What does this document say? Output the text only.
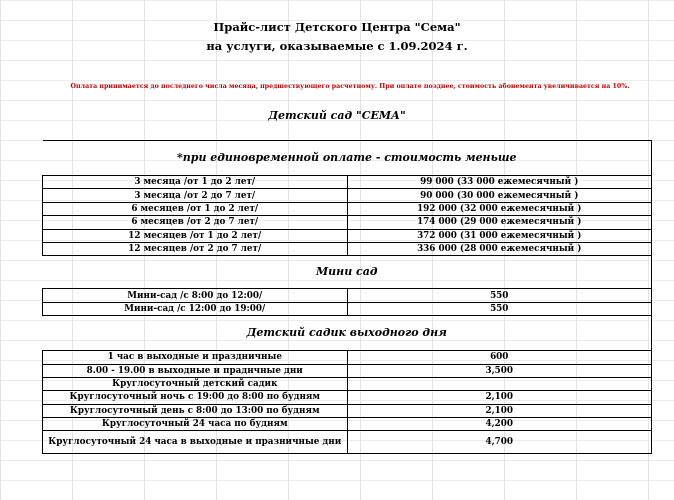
Прайс-лист Детского Центра "Сема"
на услуги, оказываемые с 1.09.2024 г.
Оплата принимается до последнего числа месяца, предшествующего расчетному. При оплате позднее, стоимость абонемента увеличивается на 10%.
Детский сад "СЕМА"
*при единовременной оплате - стоимость меньше	
3 месяца /от 1 до 2 лет/	99 000 (33 000 ежемесячный )
3 месяца /от 2 до 7 лет/	90 000 (30 000 ежемесячный )
6 месяцев /от 1 до 2 лет/	192 000 (32 000 ежемесячный )
6 месяцев /от 2 до 7 лет/	174 000 (29 000 ежемесячный )
12 месяцев /от 1 до 2 лет/	372 000 (31 000 ежемесячный )
12 месяцев /от 2 до 7 лет/	336 000 (28 000 ежемесячный )
Мини сад	
Мини-сад /с 8:00 до 12:00/	550
Мини-сад /с 12:00 до 19:00/	550
Детский садик выходного дня	
1 час в выходные и праздничные	600
8.00 - 19.00 в выходные и праднчные дни	3,500
Круглосуточный детский садик	
Круглосуточный ночь с 19:00 до 8:00 по будням	2,100
Круглосуточный день с 8:00 до 13:00 по будням	2,100
Круглосуточный 24 часа по будням	4,200
Круглосуточный 24 часа в выходные и празничные дни	4,700
